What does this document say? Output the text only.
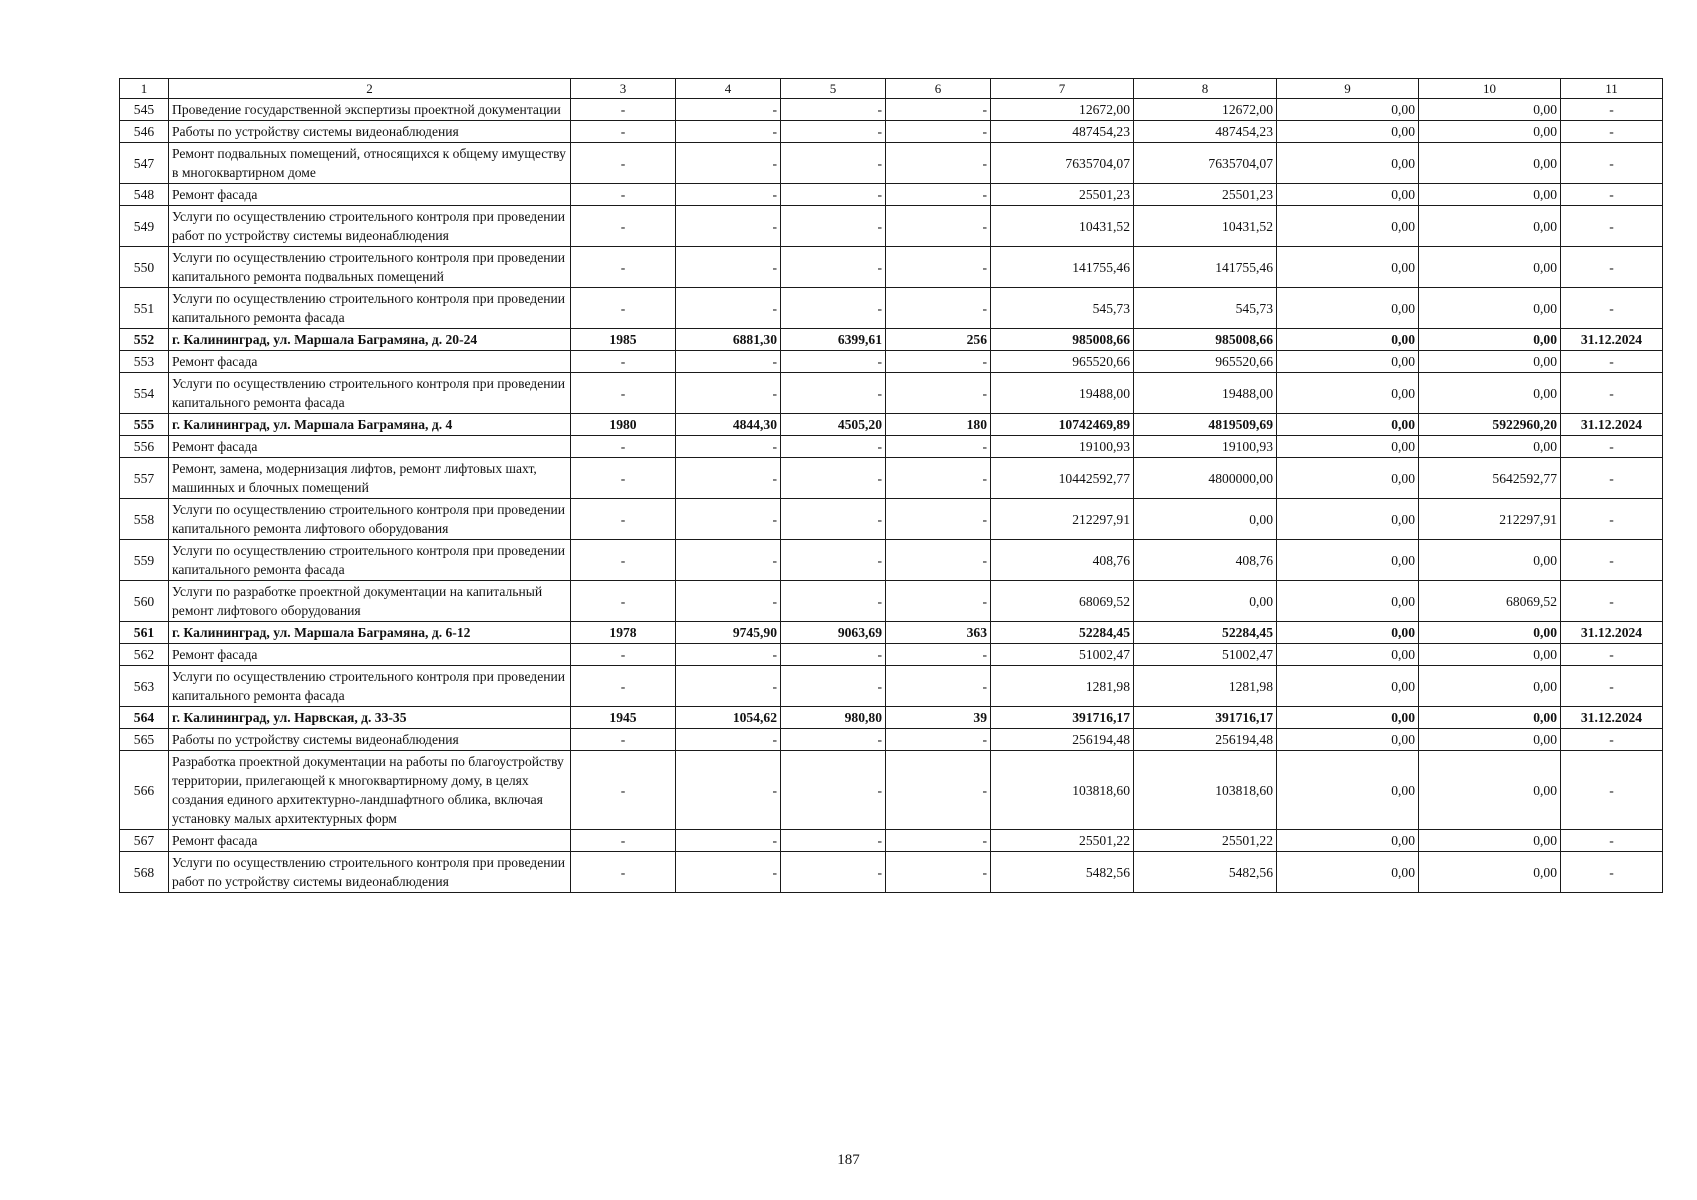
1	2	3	4	5	6	7	8	9	10	11
545	Проведение государственной экспертизы проектной документации	-	-	-	-	12672,00	12672,00	0,00	0,00	-
546	Работы по устройству системы видеонаблюдения	-	-	-	-	487454,23	487454,23	0,00	0,00	-
547	Ремонт подвальных помещений, относящихся к общему имуществу в многоквартирном доме	-	-	-	-	7635704,07	7635704,07	0,00	0,00	-
548	Ремонт фасада	-	-	-	-	25501,23	25501,23	0,00	0,00	-
549	Услуги по осуществлению строительного контроля при проведении работ по устройству системы видеонаблюдения	-	-	-	-	10431,52	10431,52	0,00	0,00	-
550	Услуги по осуществлению строительного контроля при проведении капитального ремонта подвальных помещений	-	-	-	-	141755,46	141755,46	0,00	0,00	-
551	Услуги по осуществлению строительного контроля при проведении капитального ремонта фасада	-	-	-	-	545,73	545,73	0,00	0,00	-
552	г. Калининград, ул. Маршала Баграмяна, д. 20-24	1985	6881,30	6399,61	256	985008,66	985008,66	0,00	0,00	31.12.2024
553	Ремонт фасада	-	-	-	-	965520,66	965520,66	0,00	0,00	-
554	Услуги по осуществлению строительного контроля при проведении капитального ремонта фасада	-	-	-	-	19488,00	19488,00	0,00	0,00	-
555	г. Калининград, ул. Маршала Баграмяна, д. 4	1980	4844,30	4505,20	180	10742469,89	4819509,69	0,00	5922960,20	31.12.2024
556	Ремонт фасада	-	-	-	-	19100,93	19100,93	0,00	0,00	-
557	Ремонт, замена, модернизация лифтов, ремонт лифтовых шахт, машинных и блочных помещений	-	-	-	-	10442592,77	4800000,00	0,00	5642592,77	-
558	Услуги по осуществлению строительного контроля при проведении капитального ремонта лифтового оборудования	-	-	-	-	212297,91	0,00	0,00	212297,91	-
559	Услуги по осуществлению строительного контроля при проведении капитального ремонта фасада	-	-	-	-	408,76	408,76	0,00	0,00	-
560	Услуги по разработке проектной документации на капитальный ремонт лифтового оборудования	-	-	-	-	68069,52	0,00	0,00	68069,52	-
561	г. Калининград, ул. Маршала Баграмяна, д. 6-12	1978	9745,90	9063,69	363	52284,45	52284,45	0,00	0,00	31.12.2024
562	Ремонт фасада	-	-	-	-	51002,47	51002,47	0,00	0,00	-
563	Услуги по осуществлению строительного контроля при проведении капитального ремонта фасада	-	-	-	-	1281,98	1281,98	0,00	0,00	-
564	г. Калининград, ул. Нарвская, д. 33-35	1945	1054,62	980,80	39	391716,17	391716,17	0,00	0,00	31.12.2024
565	Работы по устройству системы видеонаблюдения	-	-	-	-	256194,48	256194,48	0,00	0,00	-
566	Разработка проектной документации на работы по благоустройству территории, прилегающей к многоквартирному дому, в целях создания единого архитектурно-ландшафтного облика, включая установку малых архитектурных форм	-	-	-	-	103818,60	103818,60	0,00	0,00	-
567	Ремонт фасада	-	-	-	-	25501,22	25501,22	0,00	0,00	-
568	Услуги по осуществлению строительного контроля при проведении работ по устройству системы видеонаблюдения	-	-	-	-	5482,56	5482,56	0,00	0,00	-
187
